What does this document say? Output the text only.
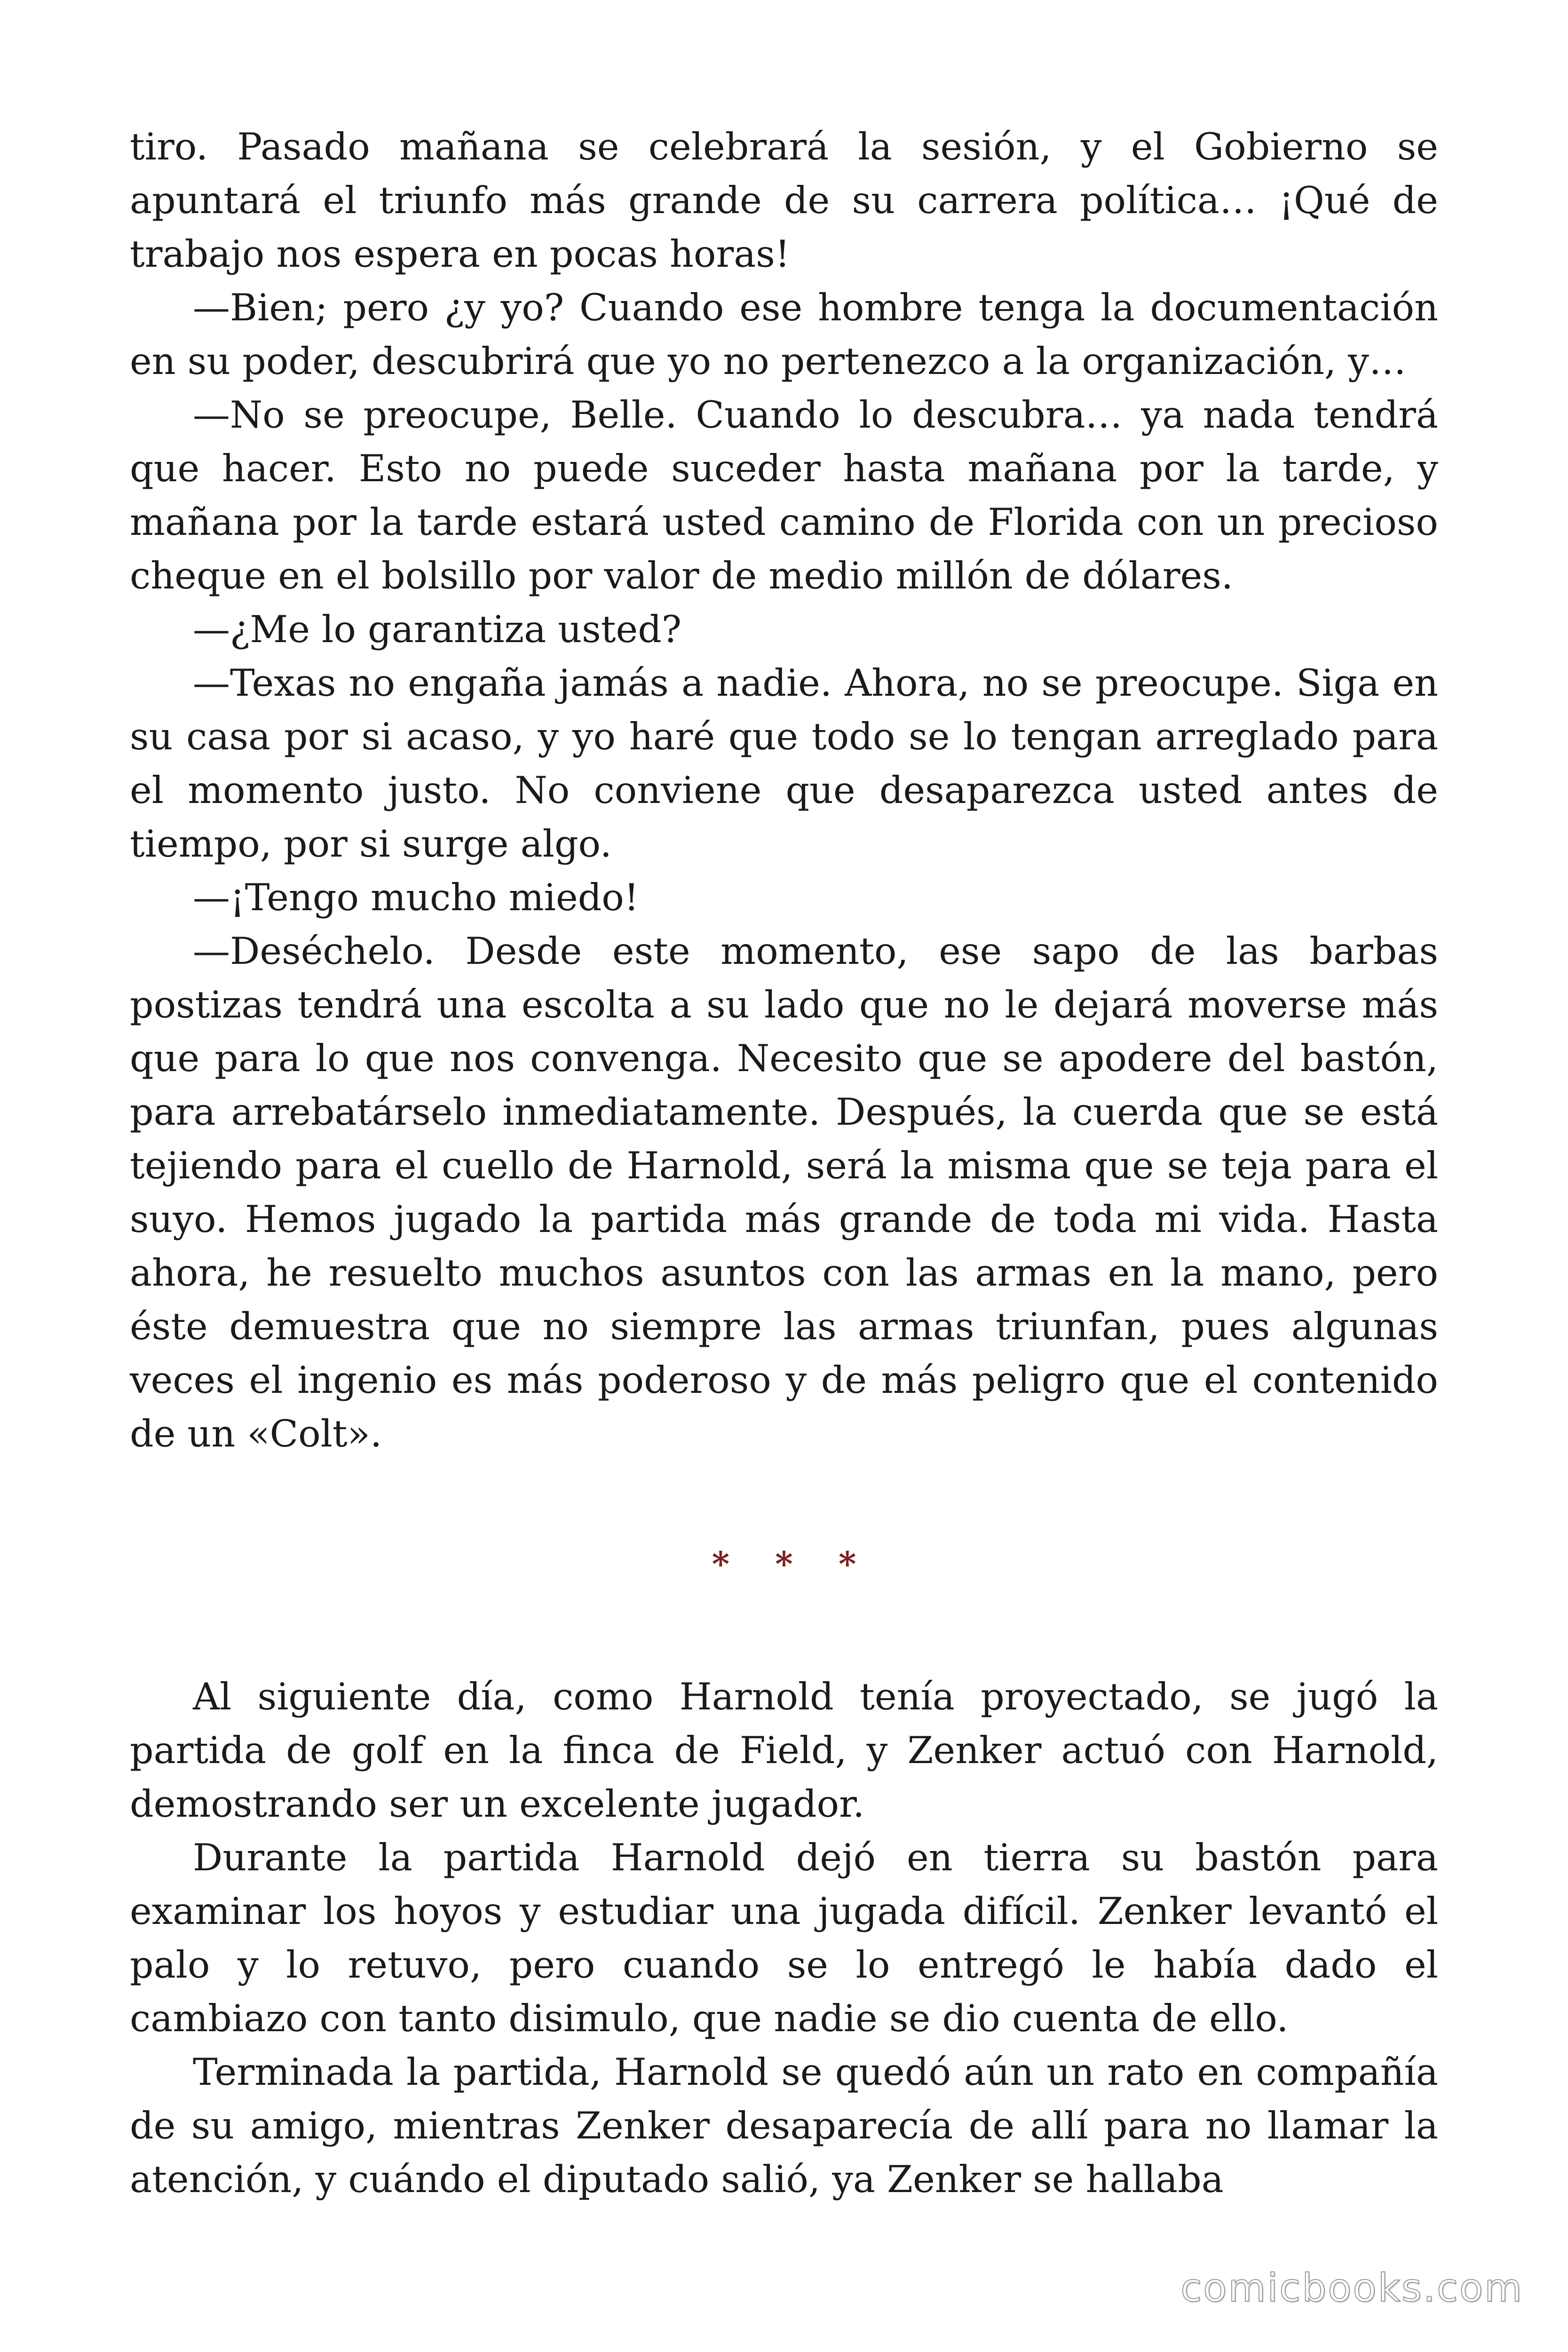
tiro. Pasado mañana se celebrará la sesión, y el Gobierno se apuntará el triunfo más grande de su carrera política… ¡Qué de trabajo nos espera en pocas horas!

—Bien; pero ¿y yo? Cuando ese hombre tenga la documentación en su poder, descubrirá que yo no pertenezco a la organización, y…

—No se preocupe, Belle. Cuando lo descubra… ya nada tendrá que hacer. Esto no puede suceder hasta mañana por la tarde, y mañana por la tarde estará usted camino de Florida con un precioso cheque en el bolsillo por valor de medio millón de dólares.

—¿Me lo garantiza usted?

—Texas no engaña jamás a nadie. Ahora, no se preocupe. Siga en su casa por si acaso, y yo haré que todo se lo tengan arreglado para el momento justo. No conviene que desaparezca usted antes de tiempo, por si surge algo.

—¡Tengo mucho miedo!

—Deséchelo. Desde este momento, ese sapo de las barbas postizas tendrá una escolta a su lado que no le dejará moverse más que para lo que nos convenga. Necesito que se apodere del bastón, para arrebatárselo inmediatamente. Después, la cuerda que se está tejiendo para el cuello de Harnold, será la misma que se teja para el suyo. Hemos jugado la partida más grande de toda mi vida. Hasta ahora, he resuelto muchos asuntos con las armas en la mano, pero éste demuestra que no siempre las armas triunfan, pues algunas veces el ingenio es más poderoso y de más peligro que el contenido de un «Colt».

* * *

Al siguiente día, como Harnold tenía proyectado, se jugó la partida de golf en la finca de Field, y Zenker actuó con Harnold, demostrando ser un excelente jugador.

Durante la partida Harnold dejó en tierra su bastón para examinar los hoyos y estudiar una jugada difícil. Zenker levantó el palo y lo retuvo, pero cuando se lo entregó le había dado el cambiazo con tanto disimulo, que nadie se dio cuenta de ello.

Terminada la partida, Harnold se quedó aún un rato en compañía de su amigo, mientras Zenker desaparecía de allí para no llamar la atención, y cuándo el diputado salió, ya Zenker se hallaba

comicbooks.com
